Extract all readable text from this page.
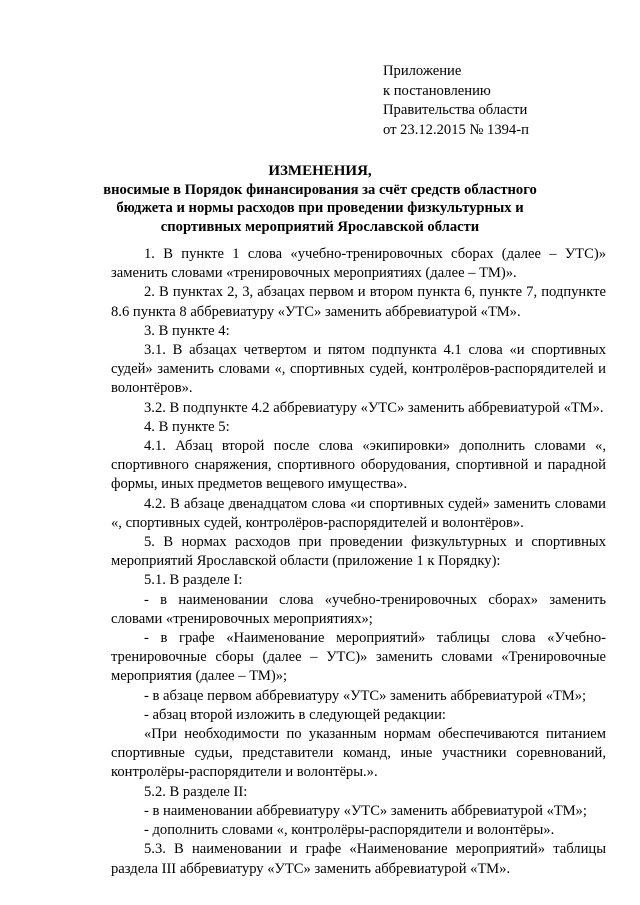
Приложение
к постановлению
Правительства области
от 23.12.2015 № 1394-п
ИЗМЕНЕНИЯ,
вносимые в Порядок финансирования за счёт средств областного
бюджета и нормы расходов при проведении физкультурных и
спортивных мероприятий Ярославской области

1. В пункте 1 слова «учебно-тренировочных сборах (далее – УТС)» заменить словами «тренировочных мероприятиях (далее – ТМ)».

2. В пунктах 2, 3, абзацах первом и втором пункта 6, пункте 7, подпункте 8.6 пункта 8 аббревиатуру «УТС» заменить аббревиатурой «ТМ».

3. В пункте 4:

3.1. В абзацах четвертом и пятом подпункта 4.1 слова «и спортивных судей» заменить словами «, спортивных судей, контролёров-распорядителей и волонтёров».

3.2. В подпункте 4.2 аббревиатуру «УТС» заменить аббревиатурой «ТМ».

4. В пункте 5:

4.1. Абзац второй после слова «экипировки» дополнить словами «, спортивного снаряжения, спортивного оборудования, спортивной и парадной формы, иных предметов вещевого имущества».

4.2. В абзаце двенадцатом слова «и спортивных судей» заменить словами «, спортивных судей, контролёров-распорядителей и волонтёров».

5. В нормах расходов при проведении физкультурных и спортивных мероприятий Ярославской области (приложение 1 к Порядку):

5.1. В разделе I:

- в наименовании слова «учебно-тренировочных сборах» заменить словами «тренировочных мероприятиях»;

- в графе «Наименование мероприятий» таблицы слова «Учебно-тренировочные сборы (далее – УТС)» заменить словами «Тренировочные мероприятия (далее – ТМ)»;

- в абзаце первом аббревиатуру «УТС» заменить аббревиатурой «ТМ»;

- абзац второй изложить в следующей редакции:

«При необходимости по указанным нормам обеспечиваются питанием спортивные судьи, представители команд, иные участники соревнований, контролёры-распорядители и волонтёры.».

5.2. В разделе II:

- в наименовании аббревиатуру «УТС» заменить аббревиатурой «ТМ»;

- дополнить словами «, контролёры-распорядители и волонтёры».

5.3. В наименовании и графе «Наименование мероприятий» таблицы раздела III аббревиатуру «УТС» заменить аббревиатурой «ТМ».
